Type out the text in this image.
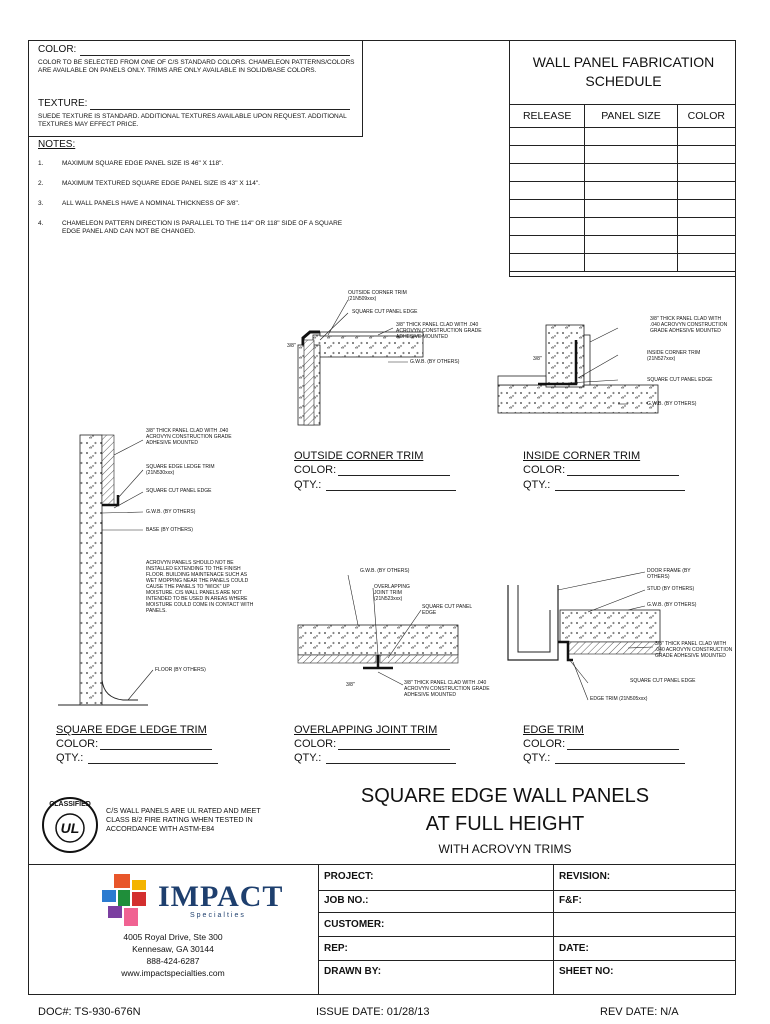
COLOR:
COLOR TO BE SELECTED FROM ONE OF C/S STANDARD COLORS. CHAMELEON PATTERNS/COLORS ARE AVAILABLE ON PANELS ONLY. TRIMS ARE ONLY AVAILABLE IN SOLID/BASE COLORS.
TEXTURE:
SUEDE TEXTURE IS STANDARD. ADDITIONAL TEXTURES AVAILABLE UPON REQUEST. ADDITIONAL TEXTURES MAY EFFECT PRICE.
NOTES:
1.	MAXIMUM SQUARE EDGE PANEL SIZE IS 46" X 118".
2.	MAXIMUM TEXTURED SQUARE EDGE PANEL SIZE IS 43" X 114".
3.	ALL WALL PANELS HAVE A NOMINAL THICKNESS OF 3/8".
4.	CHAMELEON PATTERN DIRECTION IS PARALLEL TO THE 114" OR 118" SIDE OF A SQUARE EDGE PANEL AND CAN NOT BE CHANGED.
WALL PANEL FABRICATION
SCHEDULE
RELEASE	PANEL SIZE	COLOR

OUTSIDE CORNER TRIM (21N509xxx)
SQUARE CUT PANEL EDGE
3/8" THICK PANEL CLAD WITH .040 ACROVYN CONSTRUCTION GRADE ADHESIVE MOUNTED
G.W.B. (BY OTHERS)
3/8"
3/8" THICK PANEL CLAD WITH .040 ACROVYN CONSTRUCTION GRADE ADHESIVE MOUNTED
INSIDE CORNER TRIM (21N527xxx)
SQUARE CUT PANEL EDGE
G.W.B. (BY OTHERS)
3/8"
3/8" THICK PANEL CLAD WITH .040 ACROVYN CONSTRUCTION GRADE ADHESIVE MOUNTED
SQUARE EDGE LEDGE TRIM (21N530xxx)
SQUARE CUT PANEL EDGE
G.W.B. (BY OTHERS)
BASE (BY OTHERS)
ACROVYN PANELS SHOULD NOT BE INSTALLED EXTENDING TO THE FINISH FLOOR. BUILDING MAINTENACE SUCH AS WET MOPPING NEAR THE PANELS COULD CAUSE THE PANELS TO "WICK" UP MOISTURE. C/S WALL PANELS ARE NOT INTENDED TO BE USED IN AREAS WHERE MOISTURE COULD COME IN CONTACT WITH PANELS.
FLOOR (BY OTHERS)
G.W.B. (BY OTHERS)
OVERLAPPING JOINT TRIM (21N523xxx)
SQUARE CUT PANEL EDGE
3/8" THICK PANEL CLAD WITH .040 ACROVYN CONSTRUCTION GRADE ADHESIVE MOUNTED
3/8"
DOOR FRAME (BY OTHERS)
STUD (BY OTHERS)
G.W.B. (BY OTHERS)
3/8" THICK PANEL CLAD WITH .040 ACROVYN CONSTRUCTION GRADE ADHESIVE MOUNTED
SQUARE CUT PANEL EDGE
EDGE TRIM (21N505xxx)
OUTSIDE CORNER TRIM
COLOR:
QTY.:
INSIDE CORNER TRIM
COLOR:
QTY.:
SQUARE EDGE LEDGE TRIM
COLOR:
QTY.:
OVERLAPPING JOINT TRIM
COLOR:
QTY.:
EDGE TRIM
COLOR:
QTY.:
CLASSIFIED
UL
C/S WALL PANELS ARE UL RATED AND MEET CLASS B/2 FIRE RATING WHEN TESTED IN ACCORDANCE WITH ASTM-E84
SQUARE EDGE WALL PANELS
AT FULL HEIGHT
WITH ACROVYN TRIMS
IMPACT
Specialties
4005 Royal Drive, Ste 300
Kennesaw, GA 30144
888-424-6287
www.impactspecialties.com
PROJECT:	REVISION:
JOB NO.:	F&F:
CUSTOMER:
REP:	DATE:
DRAWN BY:	SHEET NO:
DOC#: TS-930-676N	ISSUE DATE: 01/28/13	REV DATE: N/A
